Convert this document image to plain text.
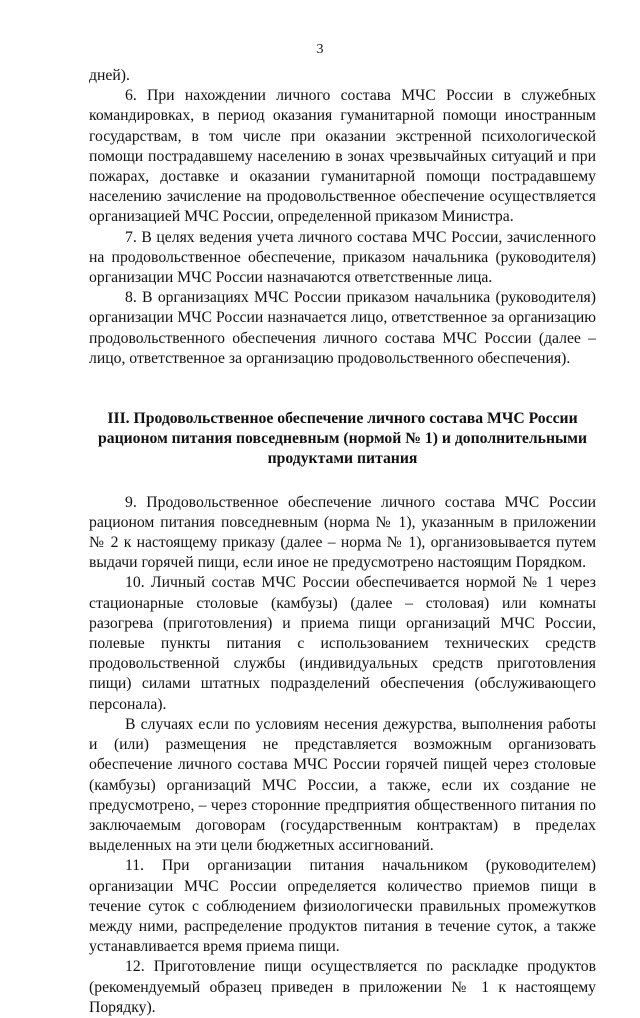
3

дней).

6. При нахождении личного состава МЧС России в служебных командировках, в период оказания гуманитарной помощи иностранным государствам, в том числе при оказании экстренной психологической помощи пострадавшему населению в зонах чрезвычайных ситуаций и при пожарах, доставке и оказании гуманитарной помощи пострадавшему населению зачисление на продовольственное обеспечение осуществляется организацией МЧС России, определенной приказом Министра.

7. В целях ведения учета личного состава МЧС России, зачисленного на продовольственное обеспечение, приказом начальника (руководителя) организации МЧС России назначаются ответственные лица.

8. В организациях МЧС России приказом начальника (руководителя) организации МЧС России назначается лицо, ответственное за организацию продовольственного обеспечения личного состава МЧС России (далее – лицо, ответственное за организацию продовольственного обеспечения).

III. Продовольственное обеспечение личного состава МЧС России рационом питания повседневным (нормой № 1) и дополнительными продуктами питания

9. Продовольственное обеспечение личного состава МЧС России рационом питания повседневным (норма № 1), указанным в приложении № 2 к настоящему приказу (далее – норма № 1), организовывается путем выдачи горячей пищи, если иное не предусмотрено настоящим Порядком.

10. Личный состав МЧС России обеспечивается нормой № 1 через стационарные столовые (камбузы) (далее – столовая) или комнаты разогрева (приготовления) и приема пищи организаций МЧС России, полевые пункты питания с использованием технических средств продовольственной службы (индивидуальных средств приготовления пищи) силами штатных подразделений обеспечения (обслуживающего персонала).

В случаях если по условиям несения дежурства, выполнения работы и (или) размещения не представляется возможным организовать обеспечение личного состава МЧС России горячей пищей через столовые (камбузы) организаций МЧС России, а также, если их создание не предусмотрено, – через сторонние предприятия общественного питания по заключаемым договорам (государственным контрактам) в пределах выделенных на эти цели бюджетных ассигнований.

11. При организации питания начальником (руководителем) организации МЧС России определяется количество приемов пищи в течение суток с соблюдением физиологически правильных промежутков между ними, распределение продуктов питания в течение суток, а также устанавливается время приема пищи.

12. Приготовление пищи осуществляется по раскладке продуктов (рекомендуемый образец приведен в приложении № 1 к настоящему Порядку).
